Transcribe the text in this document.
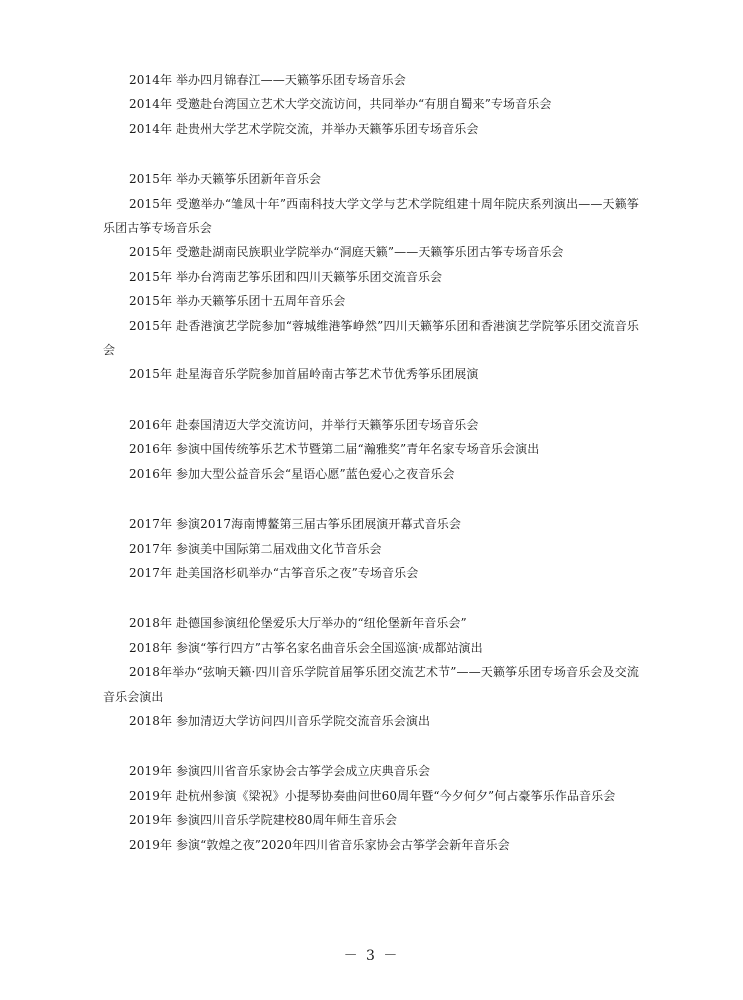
2014年 举办四月锦春江——天籁筝乐团专场音乐会

2014年 受邀赴台湾国立艺术大学交流访问，共同举办“有朋自蜀来”专场音乐会

2014年 赴贵州大学艺术学院交流，并举办天籁筝乐团专场音乐会

2015年 举办天籁筝乐团新年音乐会

2015年 受邀举办“雏凤十年”西南科技大学文学与艺术学院组建十周年院庆系列演出——天籁筝乐团古筝专场音乐会

2015年 受邀赴湖南民族职业学院举办“洞庭天籁”——天籁筝乐团古筝专场音乐会

2015年 举办台湾南艺筝乐团和四川天籁筝乐团交流音乐会

2015年 举办天籁筝乐团十五周年音乐会

2015年 赴香港演艺学院参加“蓉城维港筝峥然”四川天籁筝乐团和香港演艺学院筝乐团交流音乐会

2015年 赴星海音乐学院参加首届岭南古筝艺术节优秀筝乐团展演

2016年 赴泰国清迈大学交流访问，并举行天籁筝乐团专场音乐会

2016年 参演中国传统筝乐艺术节暨第二届“瀚雅奖”青年名家专场音乐会演出

2016年 参加大型公益音乐会“星语心愿”蓝色爱心之夜音乐会

2017年 参演2017海南博鳌第三届古筝乐团展演开幕式音乐会

2017年 参演美中国际第二届戏曲文化节音乐会

2017年 赴美国洛杉矶举办“古筝音乐之夜”专场音乐会

2018年 赴德国参演纽伦堡爱乐大厅举办的“纽伦堡新年音乐会”

2018年 参演“筝行四方”古筝名家名曲音乐会全国巡演·成都站演出

2018年举办“弦响天籁·四川音乐学院首届筝乐团交流艺术节”——天籁筝乐团专场音乐会及交流音乐会演出

2018年 参加清迈大学访问四川音乐学院交流音乐会演出

2019年 参演四川省音乐家协会古筝学会成立庆典音乐会

2019年 赴杭州参演《梁祝》小提琴协奏曲问世60周年暨“今夕何夕”何占豪筝乐作品音乐会

2019年 参演四川音乐学院建校80周年师生音乐会

2019年 参演“敦煌之夜”2020年四川省音乐家协会古筝学会新年音乐会

－ 3 －
